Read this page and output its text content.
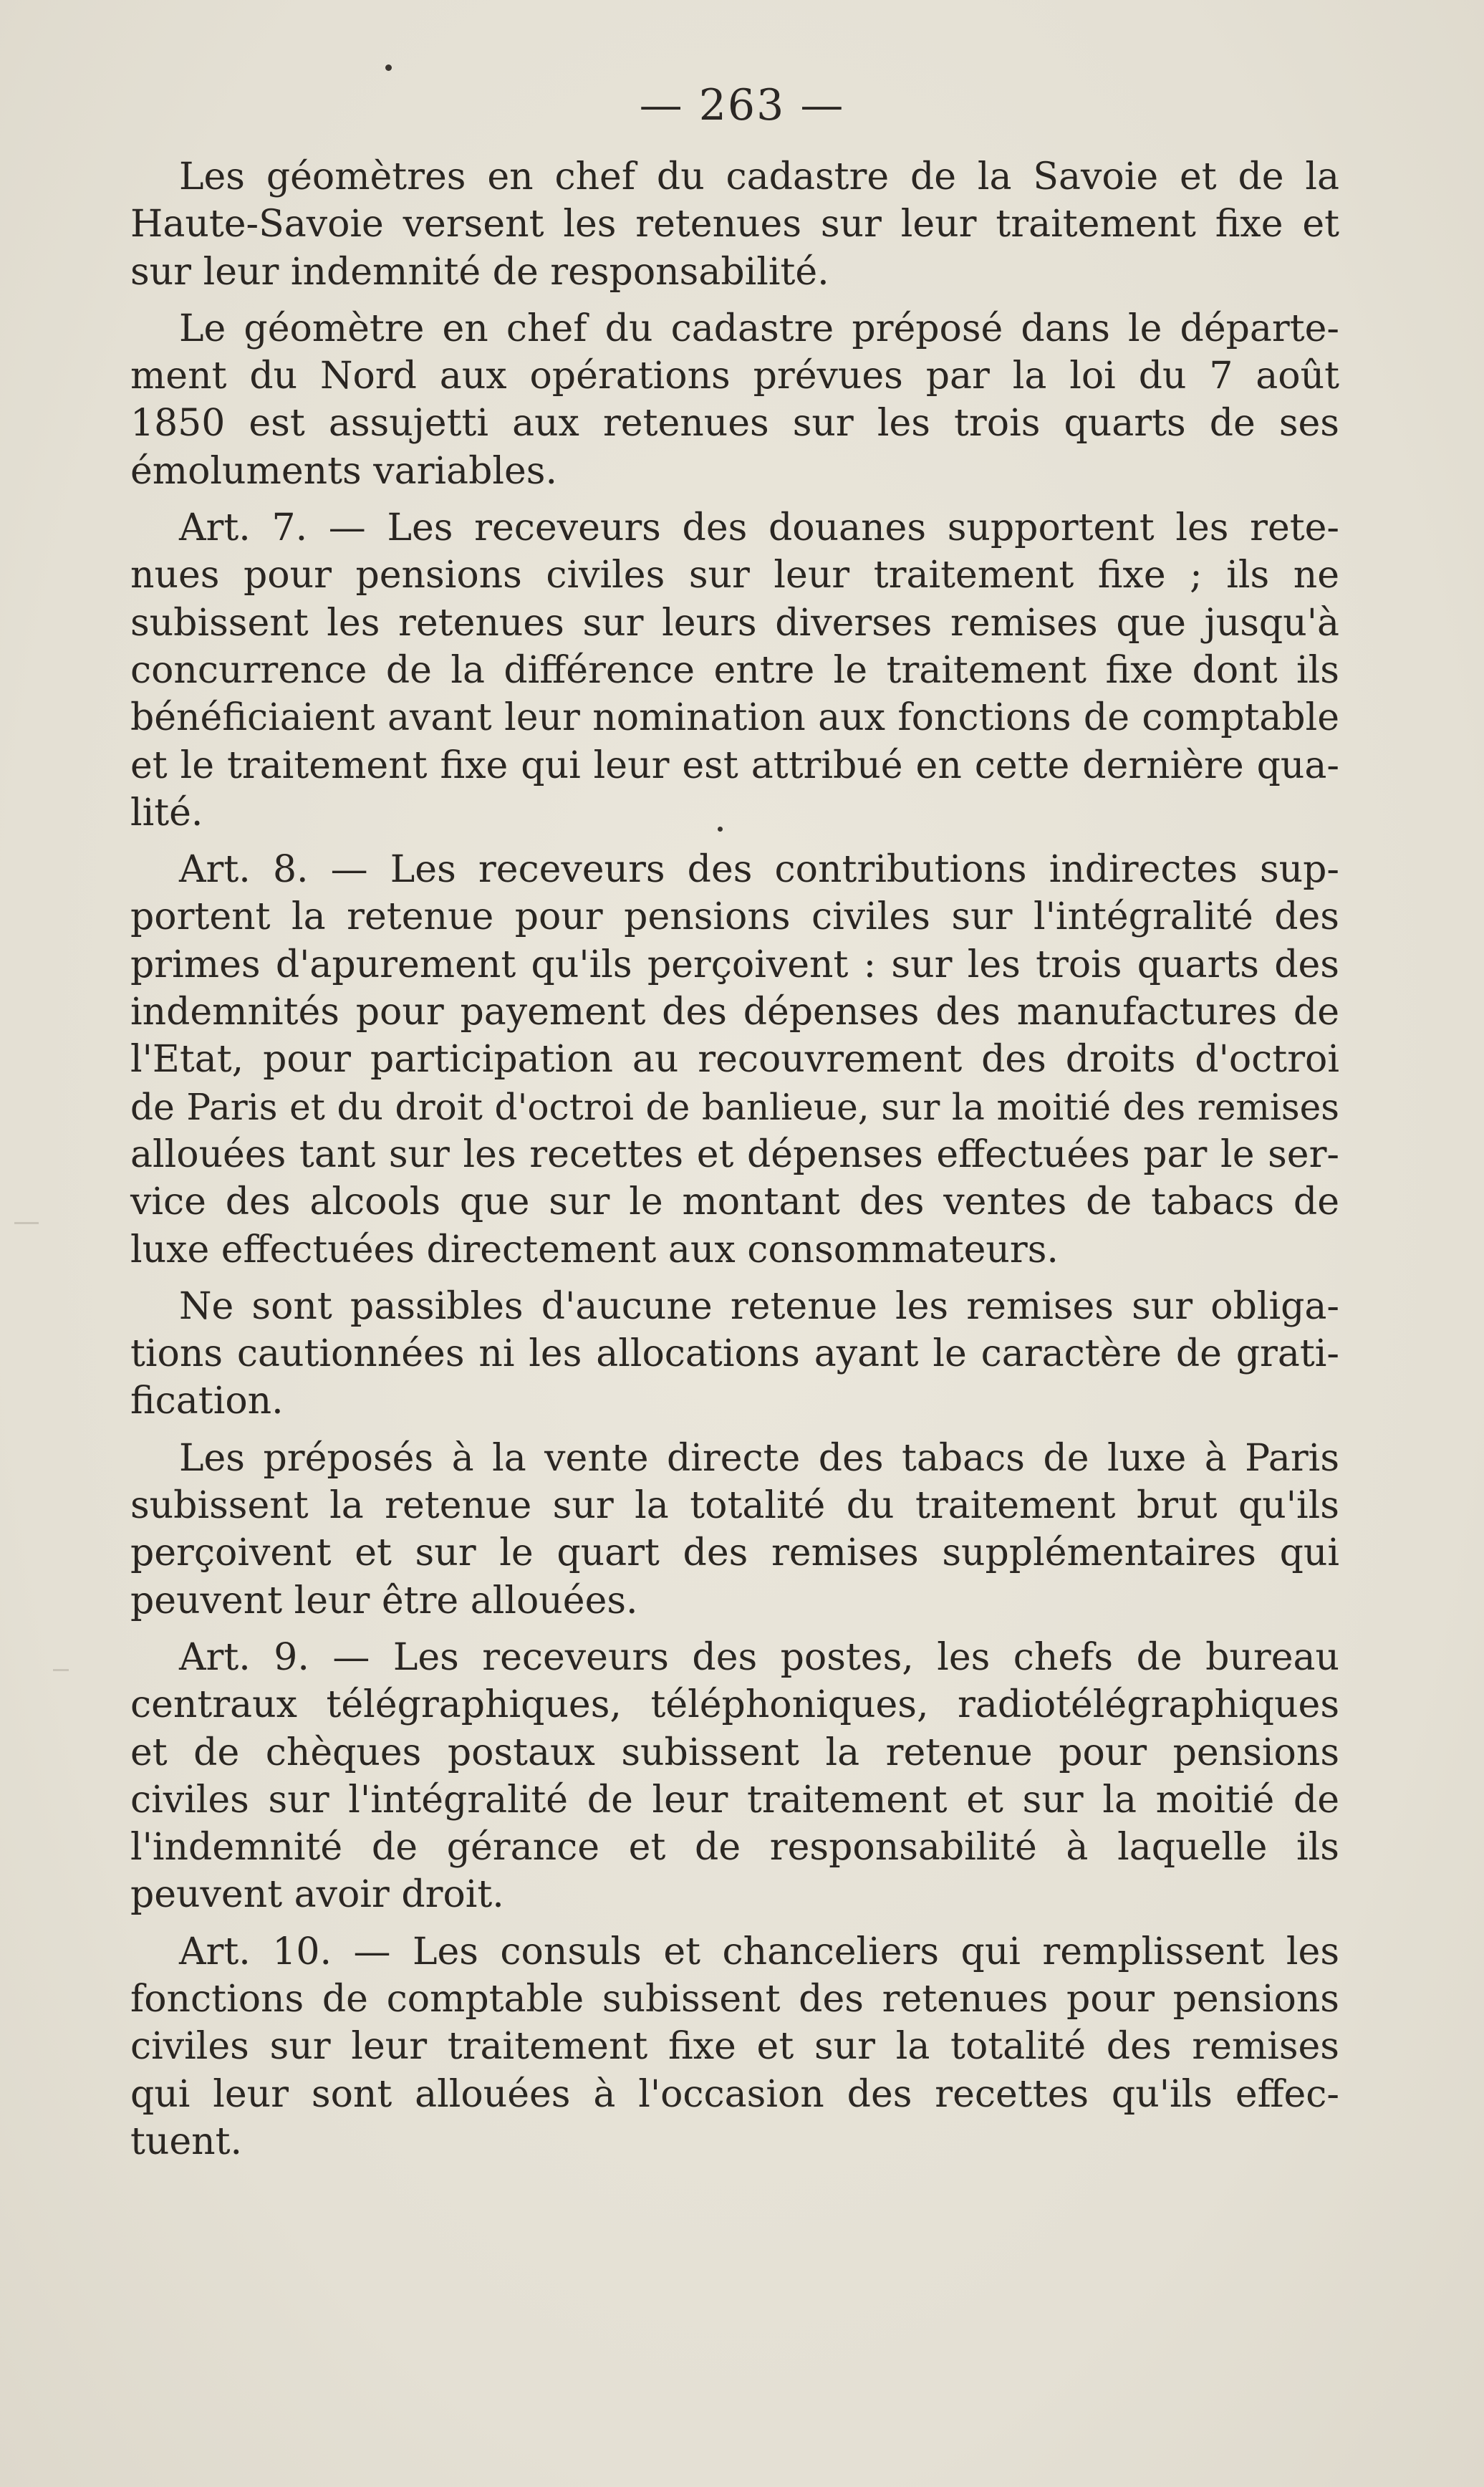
— 263 —
Les géomètres en chef du cadastre de la Savoie et de la
Haute-Savoie versent les retenues sur leur traitement fixe et
sur leur indemnité de responsabilité.
Le géomètre en chef du cadastre préposé dans le départe-
ment du Nord aux opérations prévues par la loi du 7 août
1850 est assujetti aux retenues sur les trois quarts de ses
émoluments variables.
Art. 7. — Les receveurs des douanes supportent les rete-
nues pour pensions civiles sur leur traitement fixe ; ils ne
subissent les retenues sur leurs diverses remises que jusqu'à
concurrence de la différence entre le traitement fixe dont ils
bénéficiaient avant leur nomination aux fonctions de comptable
et le traitement fixe qui leur est attribué en cette dernière qua-
lité.
Art. 8. — Les receveurs des contributions indirectes sup-
portent la retenue pour pensions civiles sur l'intégralité des
primes d'apurement qu'ils perçoivent : sur les trois quarts des
indemnités pour payement des dépenses des manufactures de
l'Etat, pour participation au recouvrement des droits d'octroi
de Paris et du droit d'octroi de banlieue, sur la moitié des remises
allouées tant sur les recettes et dépenses effectuées par le ser-
vice des alcools que sur le montant des ventes de tabacs de
luxe effectuées directement aux consommateurs.
Ne sont passibles d'aucune retenue les remises sur obliga-
tions cautionnées ni les allocations ayant le caractère de grati-
fication.
Les préposés à la vente directe des tabacs de luxe à Paris
subissent la retenue sur la totalité du traitement brut qu'ils
perçoivent et sur le quart des remises supplémentaires qui
peuvent leur être allouées.
Art. 9. — Les receveurs des postes, les chefs de bureau
centraux télégraphiques, téléphoniques, radiotélégraphiques
et de chèques postaux subissent la retenue pour pensions
civiles sur l'intégralité de leur traitement et sur la moitié de
l'indemnité de gérance et de responsabilité à laquelle ils
peuvent avoir droit.
Art. 10. — Les consuls et chanceliers qui remplissent les
fonctions de comptable subissent des retenues pour pensions
civiles sur leur traitement fixe et sur la totalité des remises
qui leur sont allouées à l'occasion des recettes qu'ils effec-
tuent.
